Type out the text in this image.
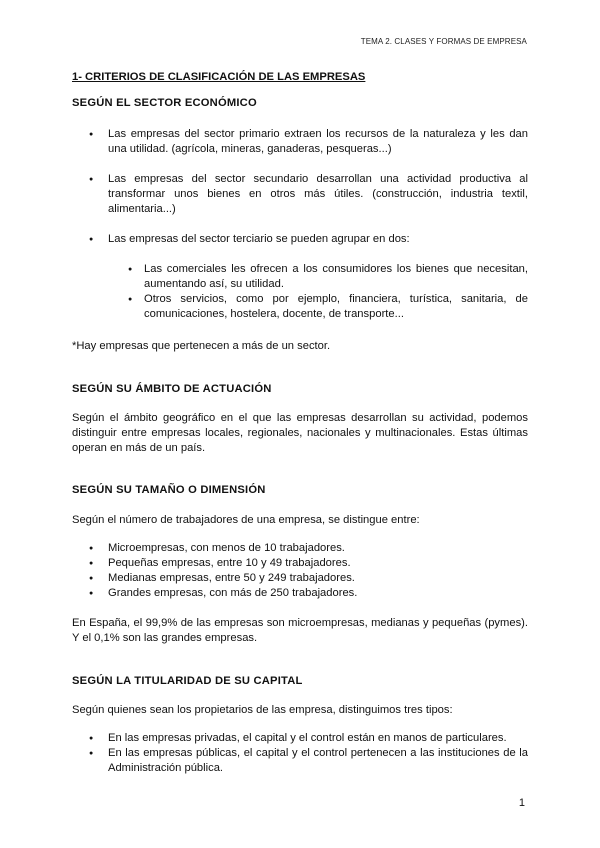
TEMA 2. CLASES Y FORMAS DE EMPRESA
1- CRITERIOS DE CLASIFICACIÓN DE LAS EMPRESAS
SEGÚN EL SECTOR ECONÓMICO
● Las empresas del sector primario extraen los recursos de la naturaleza y les dan una utilidad. (agrícola, mineras, ganaderas, pesqueras...)
● Las empresas del sector secundario desarrollan una actividad productiva al transformar unos bienes en otros más útiles. (construcción, industria textil, alimentaria...)
● Las empresas del sector terciario se pueden agrupar en dos:
● Las comerciales les ofrecen a los consumidores los bienes que necesitan, aumentando así, su utilidad.
● Otros servicios, como por ejemplo, financiera, turística, sanitaria, de comunicaciones, hostelera, docente, de transporte...

*Hay empresas que pertenecen a más de un sector.

SEGÚN SU ÁMBITO DE ACTUACIÓN

Según el ámbito geográfico en el que las empresas desarrollan su actividad, podemos distinguir entre empresas locales, regionales, nacionales y multinacionales. Estas últimas operan en más de un país.

SEGÚN SU TAMAÑO O DIMENSIÓN

Según el número de trabajadores de una empresa, se distingue entre:

● Microempresas, con menos de 10 trabajadores.
● Pequeñas empresas, entre 10 y 49 trabajadores.
● Medianas empresas, entre 50 y 249 trabajadores.
● Grandes empresas, con más de 250 trabajadores.

En España, el 99,9% de las empresas son microempresas, medianas y pequeñas (pymes). Y el 0,1% son las grandes empresas.

SEGÚN LA TITULARIDAD DE SU CAPITAL

Según quienes sean los propietarios de las empresa, distinguimos tres tipos:

● En las empresas privadas, el capital y el control están en manos de particulares.
● En las empresas públicas, el capital y el control pertenecen a las instituciones de la Administración pública.
1
